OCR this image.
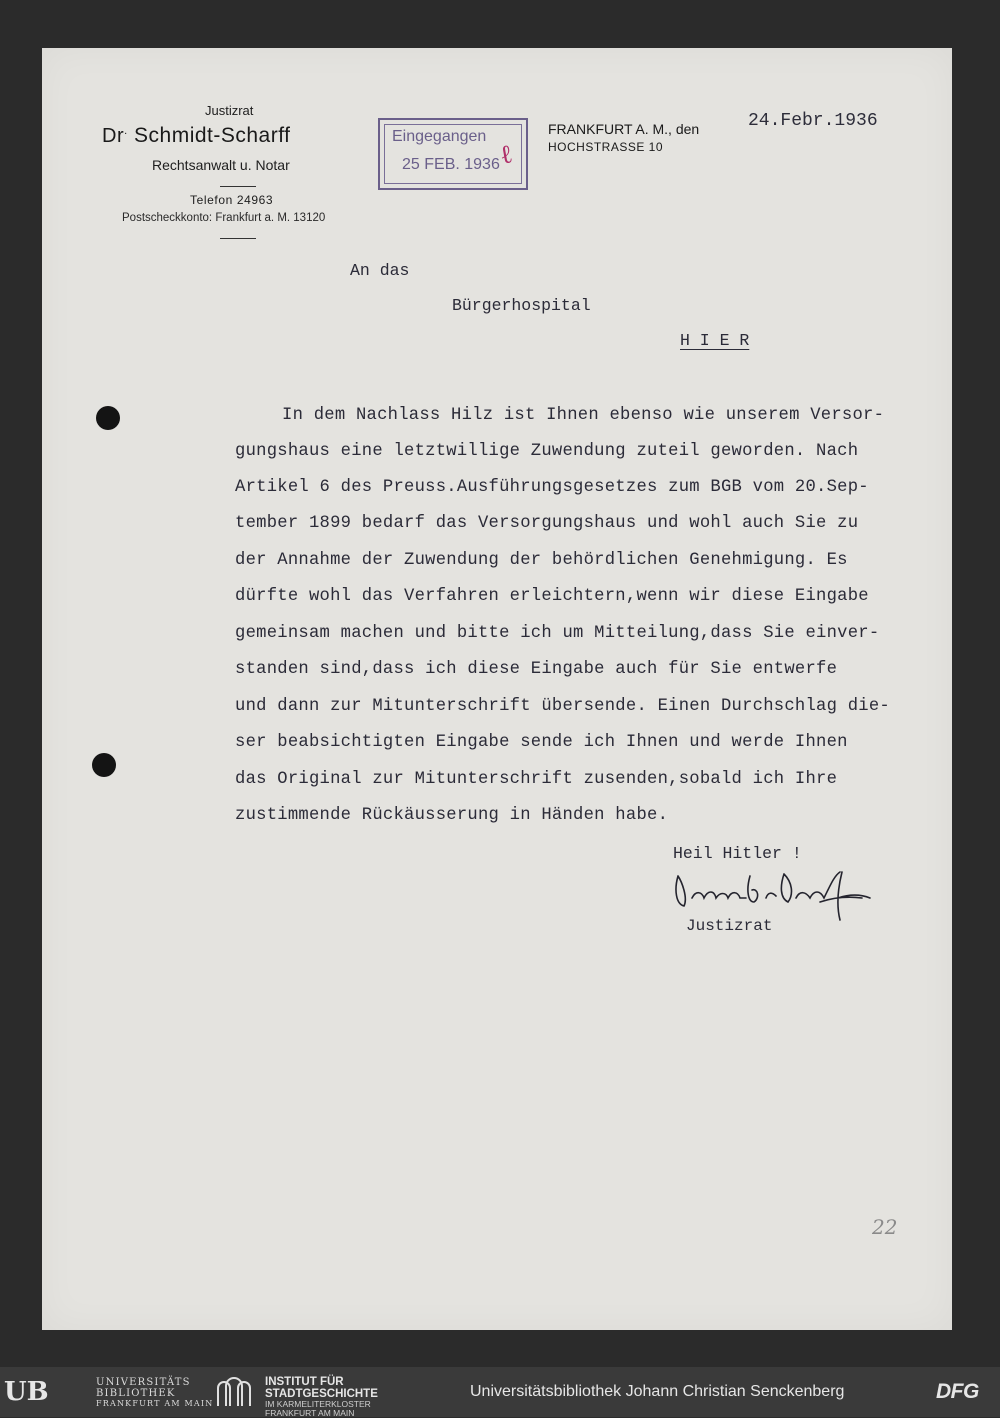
Justizrat
Dr. Schmidt-Scharff
Rechtsanwalt u. Notar
Telefon 24963
Postscheckkonto: Frankfurt a. M. 13120
Eingegangen
25 FEB. 1936
ℓ
FRANKFURT A. M., den
HOCHSTRASSE 10
24.Febr.1936
An das
Bürgerhospital
H I E R
In dem Nachlass Hilz ist Ihnen ebenso wie unserem Versor-
gungshaus eine letztwillige Zuwendung zuteil geworden. Nach
Artikel 6 des Preuss.Ausführungsgesetzes zum BGB vom 20.Sep-
tember 1899 bedarf das Versorgungshaus und wohl auch Sie zu
der Annahme der Zuwendung der behördlichen Genehmigung. Es
dürfte wohl das Verfahren erleichtern,wenn wir diese Eingabe
gemeinsam machen und bitte ich um Mitteilung,dass Sie einver-
standen sind,dass ich diese Eingabe auch für Sie entwerfe
und dann zur Mitunterschrift übersende. Einen Durchschlag die-
ser beabsichtigten Eingabe sende ich Ihnen und werde Ihnen
das Original zur Mitunterschrift zusenden,sobald ich Ihre
zustimmende Rückäusserung in Händen habe.
Heil Hitler !
Justizrat
22
UB	UNIVERSITÄTS
BIBLIOTHEK
FRANKFURT AM MAIN
INSTITUT FÜR
STADTGESCHICHTE
IM KARMELITERKLOSTER
FRANKFURT AM MAIN
Universitätsbibliothek Johann Christian Senckenberg	DFG
